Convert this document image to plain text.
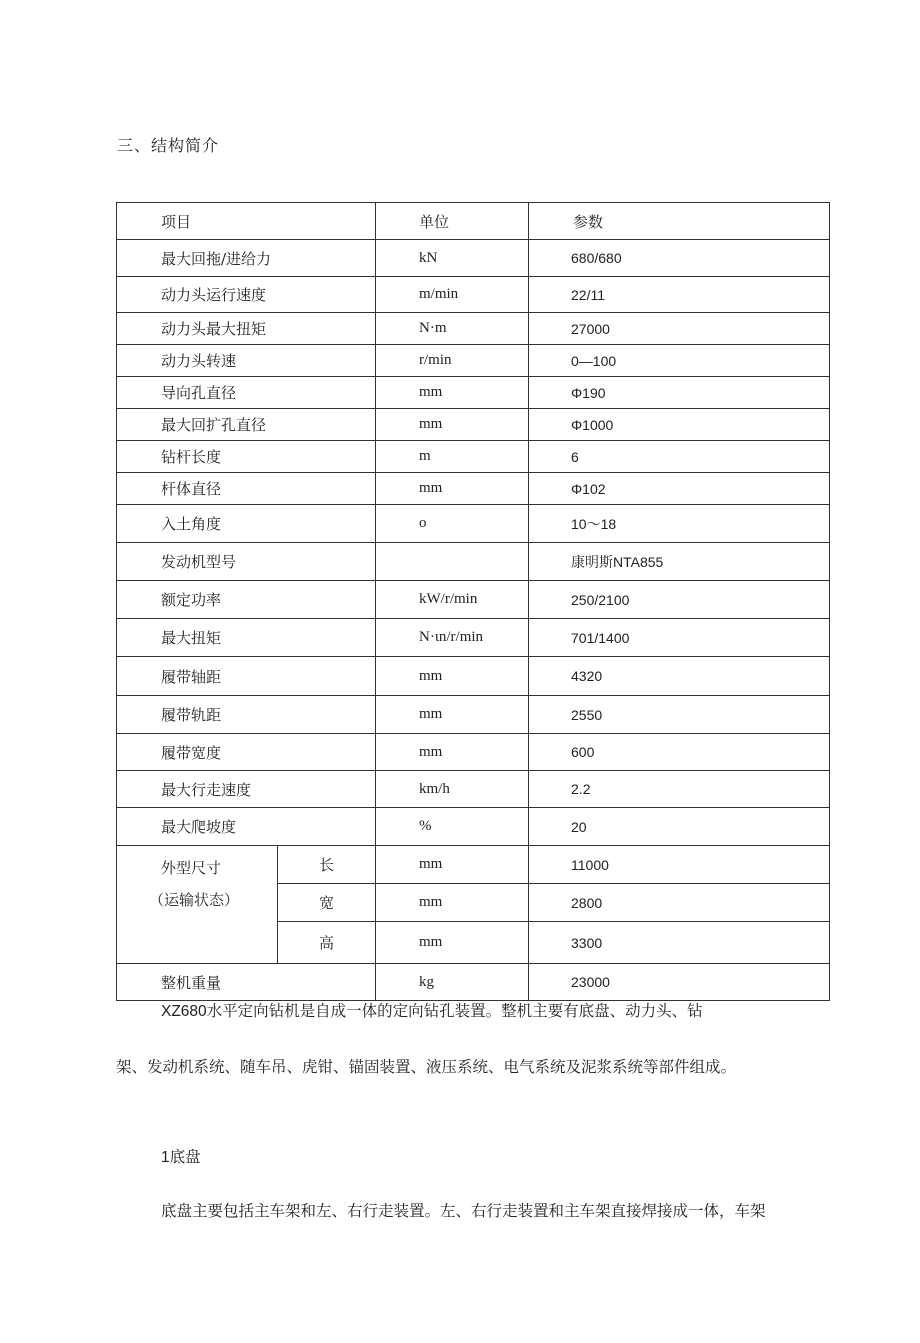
三、结构简介
项目		单位	参数
最大回拖/进给力		kN	680/680
动力头运行速度		m/min	22/11
动力头最大扭矩		N·m	27000
动力头转速		r/min	0—100
导向孔直径		mm	Φ190
最大回扩孔直径		mm	Φ1000
钻杆长度		m	6
杆体直径		mm	Φ102
入土角度		o	10～18
发动机型号			康明斯NTA855
额定功率		kW/r/min	250/2100
最大扭矩		N·ιn/r/min	701/1400
履带轴距		mm	4320
履带轨距		mm	2550
履带宽度		mm	600
最大行走速度		km/h	2.2
最大爬坡度		%	20

外型尺寸
（运输状态）	长	mm	11000
	宽	mm	2800
	高	mm	3300
整机重量		kg	23000
XZ680水平定向钻机是自成一体的定向钻孔装置。整机主要有底盘、动力头、钻
架、发动机系统、随车吊、虎钳、锚固装置、液压系统、电气系统及泥浆系统等部件组成。
1底盘
底盘主要包括主车架和左、右行走装置。左、右行走装置和主车架直接焊接成一体，车架
